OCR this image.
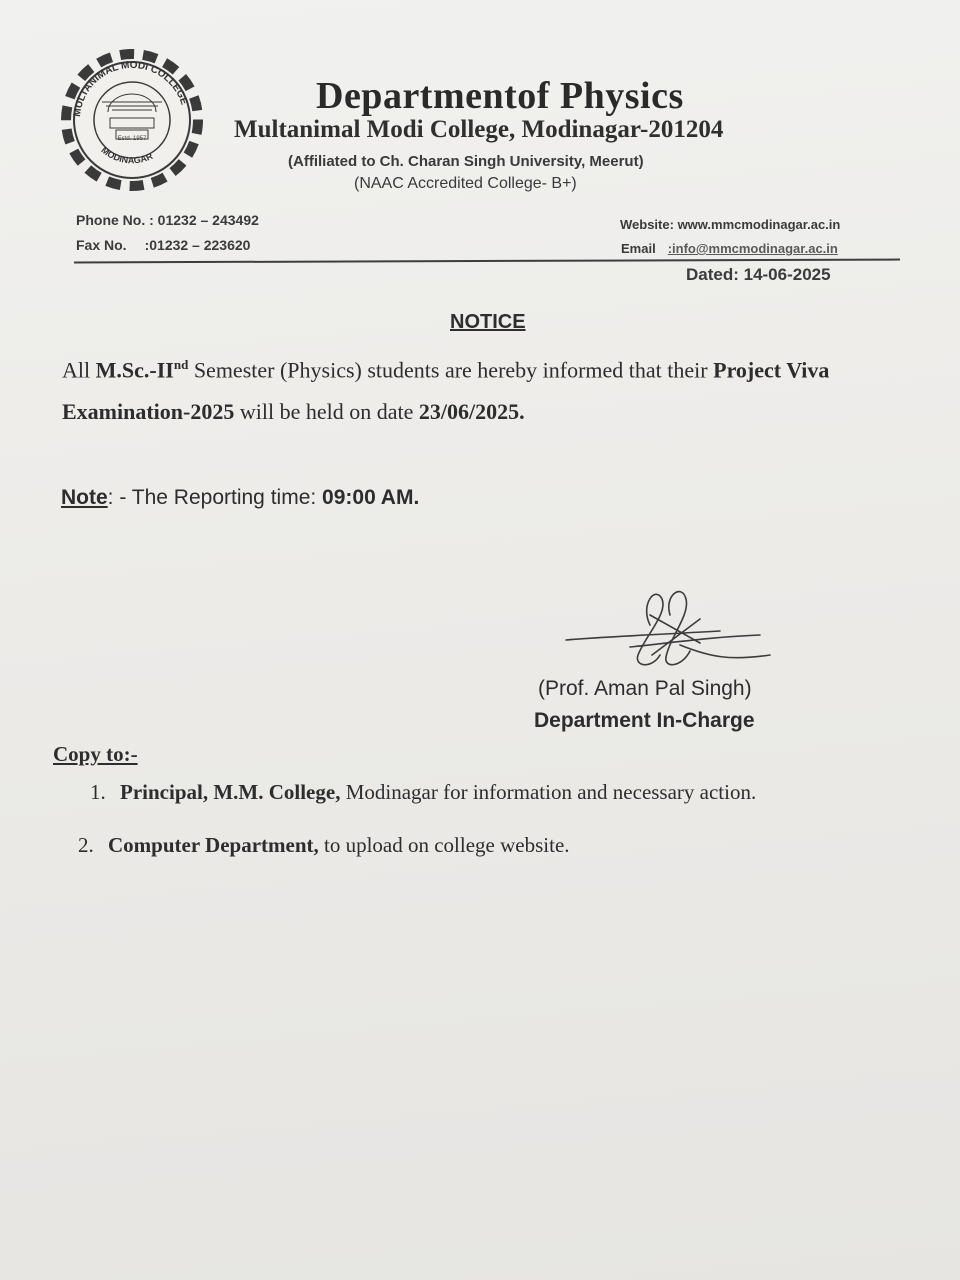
MULTANIMAL MODI COLLEGE
MODINAGAR
Estd. 1957
Departmentof Physics
Multanimal Modi College, Modinagar-201204
(Affiliated to Ch. Charan Singh University, Meerut)
(NAAC Accredited College- B+)
Phone No. : 01232 – 243492
Fax No. :01232 – 223620
Website: www.mmcmodinagar.ac.in
Email :info@mmcmodinagar.ac.in
Dated: 14-06-2025
NOTICE
All M.Sc.-IInd Semester (Physics) students are hereby informed that their Project Viva Examination-2025 will be held on date 23/06/2025.
Note: - The Reporting time: 09:00 AM.
(Prof. Aman Pal Singh)
Department In-Charge
Copy to:-
1. Principal, M.M. College, Modinagar for information and necessary action.
2. Computer Department, to upload on college website.
